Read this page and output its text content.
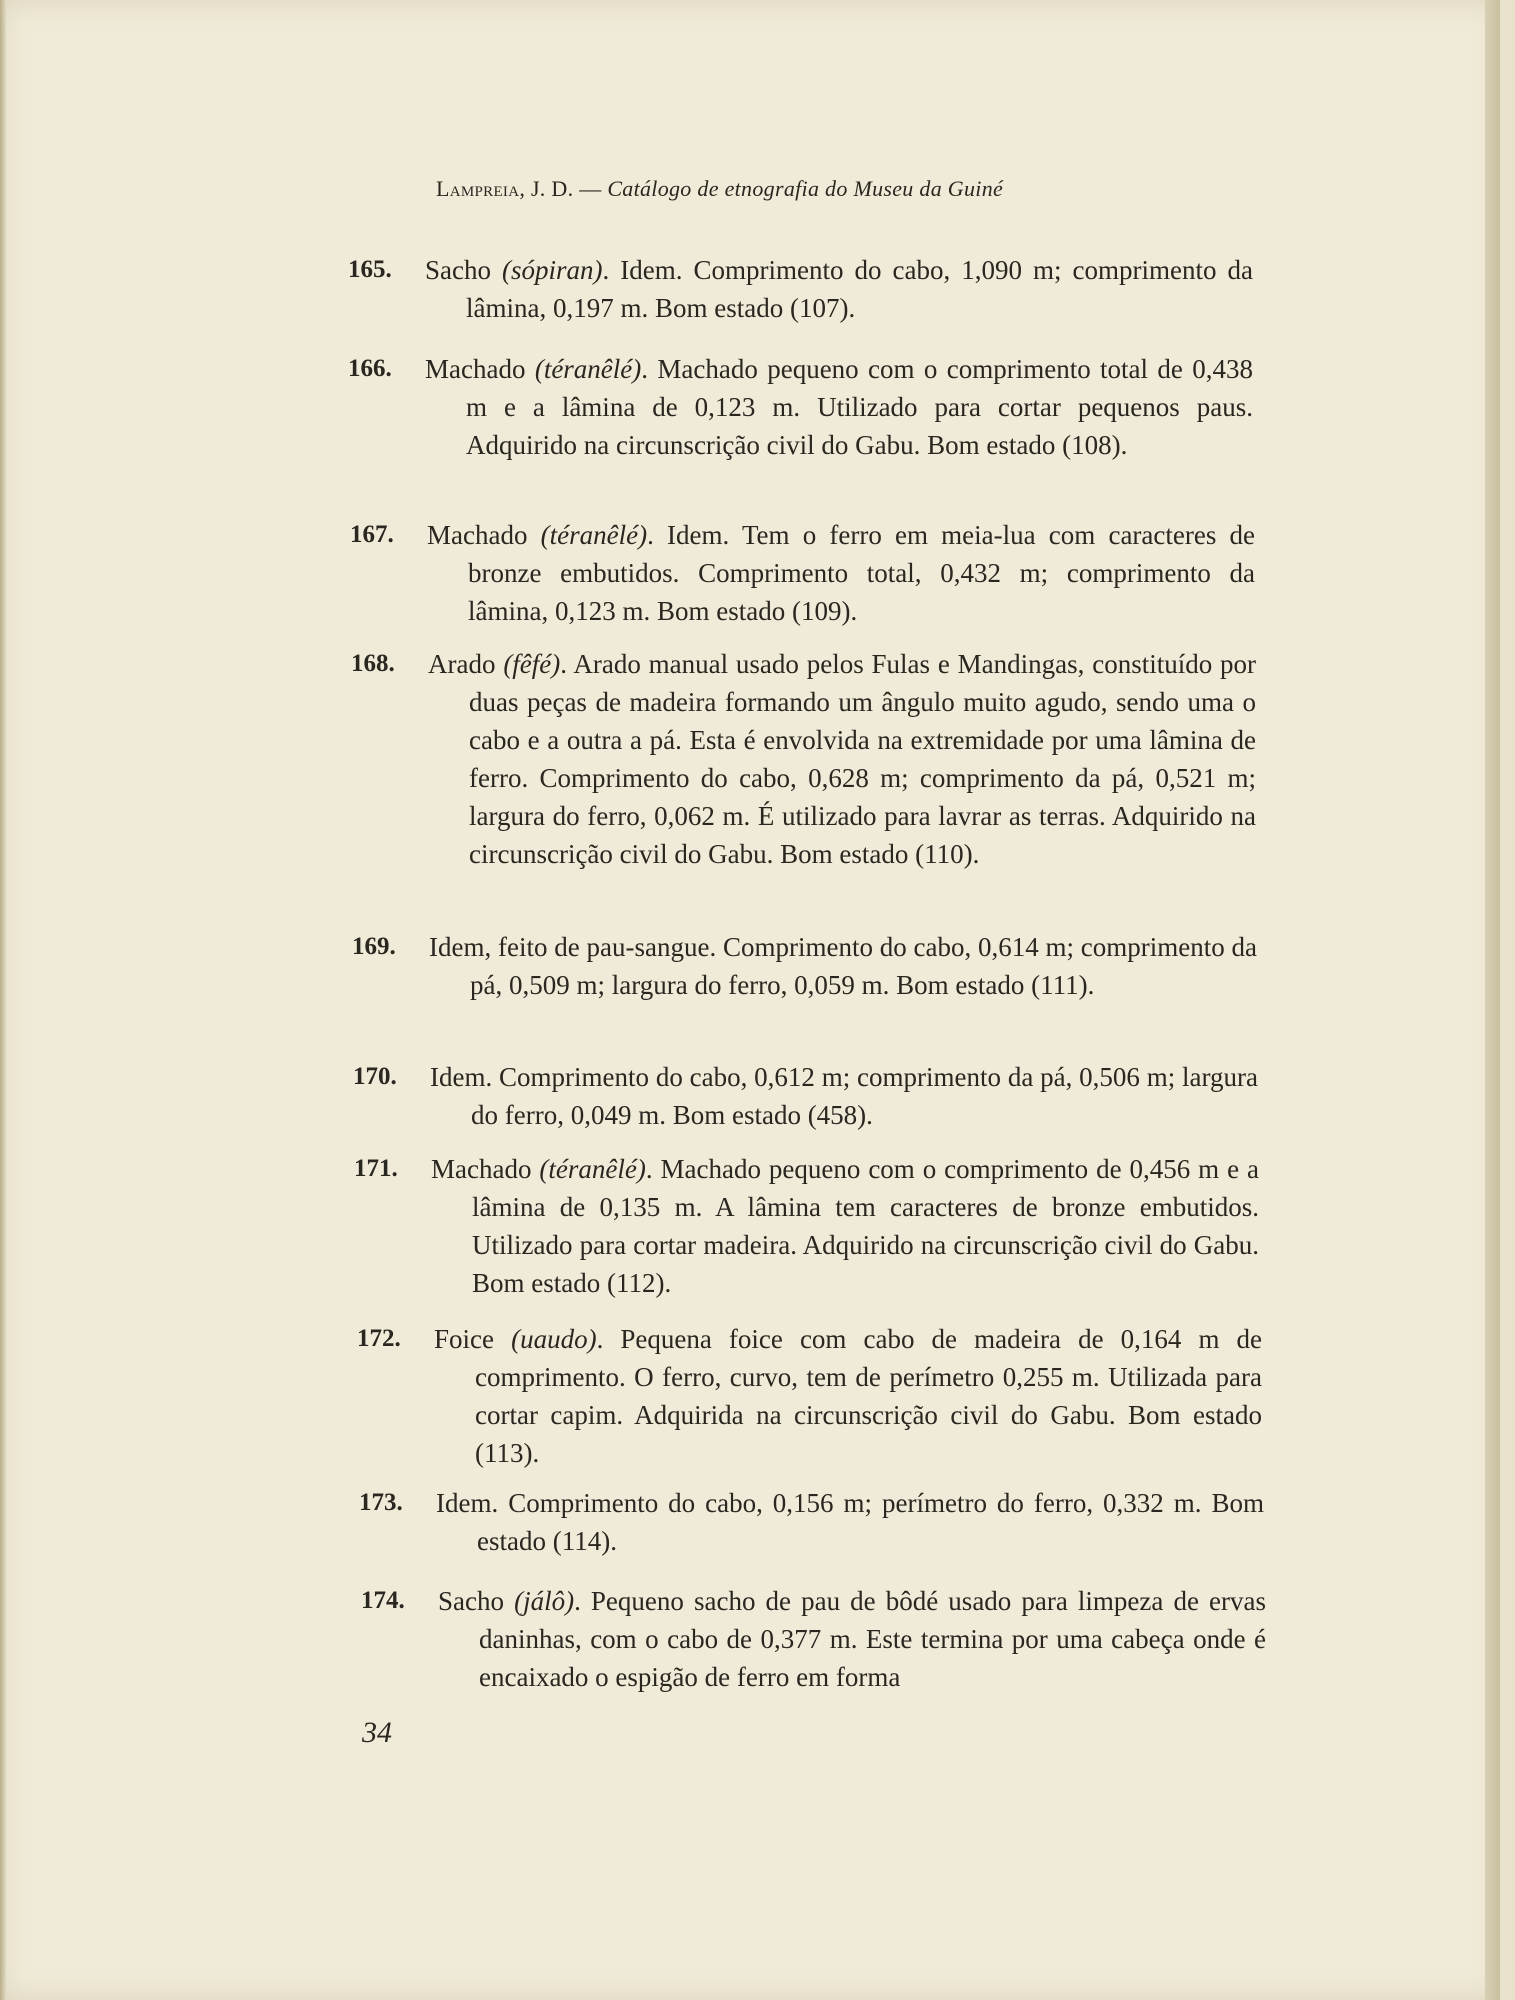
Lampreia, J. D. — Catálogo de etnografia do Museu da Guiné
165. Sacho (sópiran). Idem. Comprimento do cabo, 1,090 m; comprimento da lâmina, 0,197 m. Bom estado (107).
166. Machado (téranêlé). Machado pequeno com o comprimento total de 0,438 m e a lâmina de 0,123 m. Utilizado para cortar pequenos paus. Adquirido na circunscrição civil do Gabu. Bom estado (108).
167. Machado (téranêlé). Idem. Tem o ferro em meia-lua com caracteres de bronze embutidos. Comprimento total, 0,432 m; comprimento da lâmina, 0,123 m. Bom estado (109).
168. Arado (fêfé). Arado manual usado pelos Fulas e Mandingas, constituído por duas peças de madeira formando um ângulo muito agudo, sendo uma o cabo e a outra a pá. Esta é envolvida na extremidade por uma lâmina de ferro. Comprimento do cabo, 0,628 m; comprimento da pá, 0,521 m; largura do ferro, 0,062 m. É utilizado para lavrar as terras. Adquirido na circunscrição civil do Gabu. Bom estado (110).
169. Idem, feito de pau-sangue. Comprimento do cabo, 0,614 m; comprimento da pá, 0,509 m; largura do ferro, 0,059 m. Bom estado (111).
170. Idem. Comprimento do cabo, 0,612 m; comprimento da pá, 0,506 m; largura do ferro, 0,049 m. Bom estado (458).
171. Machado (téranêlé). Machado pequeno com o comprimento de 0,456 m e a lâmina de 0,135 m. A lâmina tem caracteres de bronze embutidos. Utilizado para cortar madeira. Adquirido na circunscrição civil do Gabu. Bom estado (112).
172. Foice (uaudo). Pequena foice com cabo de madeira de 0,164 m de comprimento. O ferro, curvo, tem de perímetro 0,255 m. Utilizada para cortar capim. Adquirida na circunscrição civil do Gabu. Bom estado (113).
173. Idem. Comprimento do cabo, 0,156 m; perímetro do ferro, 0,332 m. Bom estado (114).
174. Sacho (jálô). Pequeno sacho de pau de bôdé usado para limpeza de ervas daninhas, com o cabo de 0,377 m. Este termina por uma cabeça onde é encaixado o espigão de ferro em forma
34
